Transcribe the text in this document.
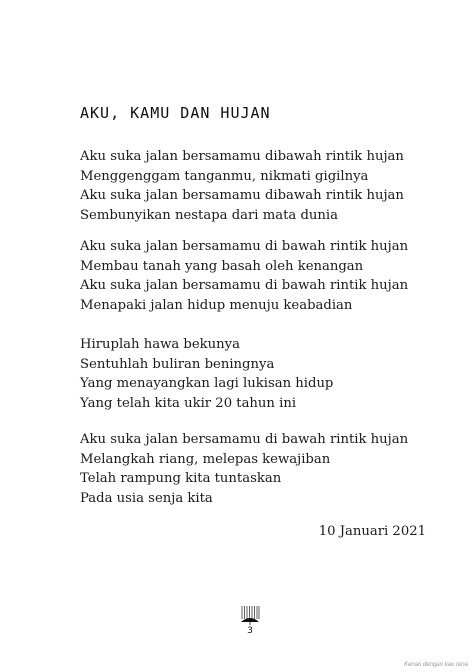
AKU, KAMU DAN HUJAN
Aku suka jalan bersamamu dibawah rintik hujan
Menggenggam tanganmu, nikmati gigilnya
Aku suka jalan bersamamu dibawah rintik hujan
Sembunyikan nestapa dari mata dunia
Aku suka jalan bersamamu di bawah rintik hujan
Membau tanah yang basah oleh kenangan
Aku suka jalan bersamamu di bawah rintik hujan
Menapaki jalan hidup menuju keabadian
Hiruplah hawa bekunya
Sentuhlah buliran beningnya
Yang menayangkan lagi lukisan hidup
Yang telah kita ukir 20 tahun ini
Aku suka jalan bersamamu di bawah rintik hujan
Melangkah riang, melepas kewajiban
Telah rampung kita tuntaskan
Pada usia senja kita
10 Januari 2021
3
Kenan dengan kau rena
